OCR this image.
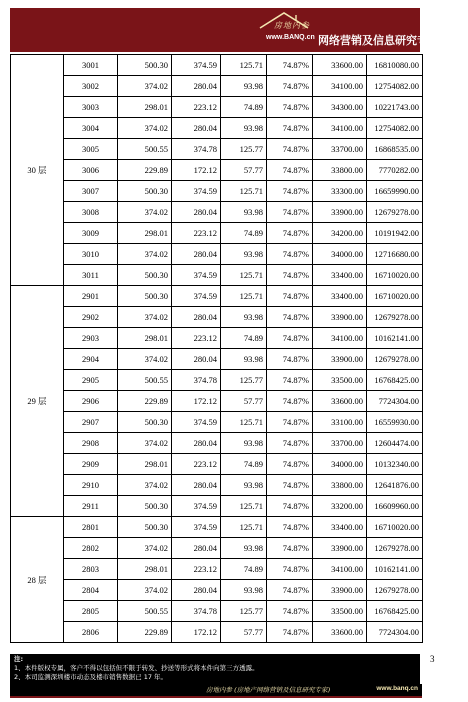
房地内参
www.BANQ.cn 网络营销及信息研究专家
30 层	3001	500.30	374.59	125.71	74.87%	33600.00	16810080.00
	3002	374.02	280.04	93.98	74.87%	34100.00	12754082.00
	3003	298.01	223.12	74.89	74.87%	34300.00	10221743.00
	3004	374.02	280.04	93.98	74.87%	34100.00	12754082.00
	3005	500.55	374.78	125.77	74.87%	33700.00	16868535.00
	3006	229.89	172.12	57.77	74.87%	33800.00	7770282.00
	3007	500.30	374.59	125.71	74.87%	33300.00	16659990.00
	3008	374.02	280.04	93.98	74.87%	33900.00	12679278.00
	3009	298.01	223.12	74.89	74.87%	34200.00	10191942.00
	3010	374.02	280.04	93.98	74.87%	34000.00	12716680.00
	3011	500.30	374.59	125.71	74.87%	33400.00	16710020.00
29 层	2901	500.30	374.59	125.71	74.87%	33400.00	16710020.00
	2902	374.02	280.04	93.98	74.87%	33900.00	12679278.00
	2903	298.01	223.12	74.89	74.87%	34100.00	10162141.00
	2904	374.02	280.04	93.98	74.87%	33900.00	12679278.00
	2905	500.55	374.78	125.77	74.87%	33500.00	16768425.00
	2906	229.89	172.12	57.77	74.87%	33600.00	7724304.00
	2907	500.30	374.59	125.71	74.87%	33100.00	16559930.00
	2908	374.02	280.04	93.98	74.87%	33700.00	12604474.00
	2909	298.01	223.12	74.89	74.87%	34000.00	10132340.00
	2910	374.02	280.04	93.98	74.87%	33800.00	12641876.00
	2911	500.30	374.59	125.71	74.87%	33200.00	16609960.00
28 层	2801	500.30	374.59	125.71	74.87%	33400.00	16710020.00
	2802	374.02	280.04	93.98	74.87%	33900.00	12679278.00
	2803	298.01	223.12	74.89	74.87%	34100.00	10162141.00
	2804	374.02	280.04	93.98	74.87%	33900.00	12679278.00
	2805	500.55	374.78	125.77	74.87%	33500.00	16768425.00
	2806	229.89	172.12	57.77	74.87%	33600.00	7724304.00
注:
1、本件版权专属，客户不得以包括但不限于转发、抄送等形式将本件向第三方透露。
2、本司监测深圳楼市动态及楼市销售数据已 17 年。
3
房地内参 (房地产网络营销及信息研究专家)	www.banq.cn
